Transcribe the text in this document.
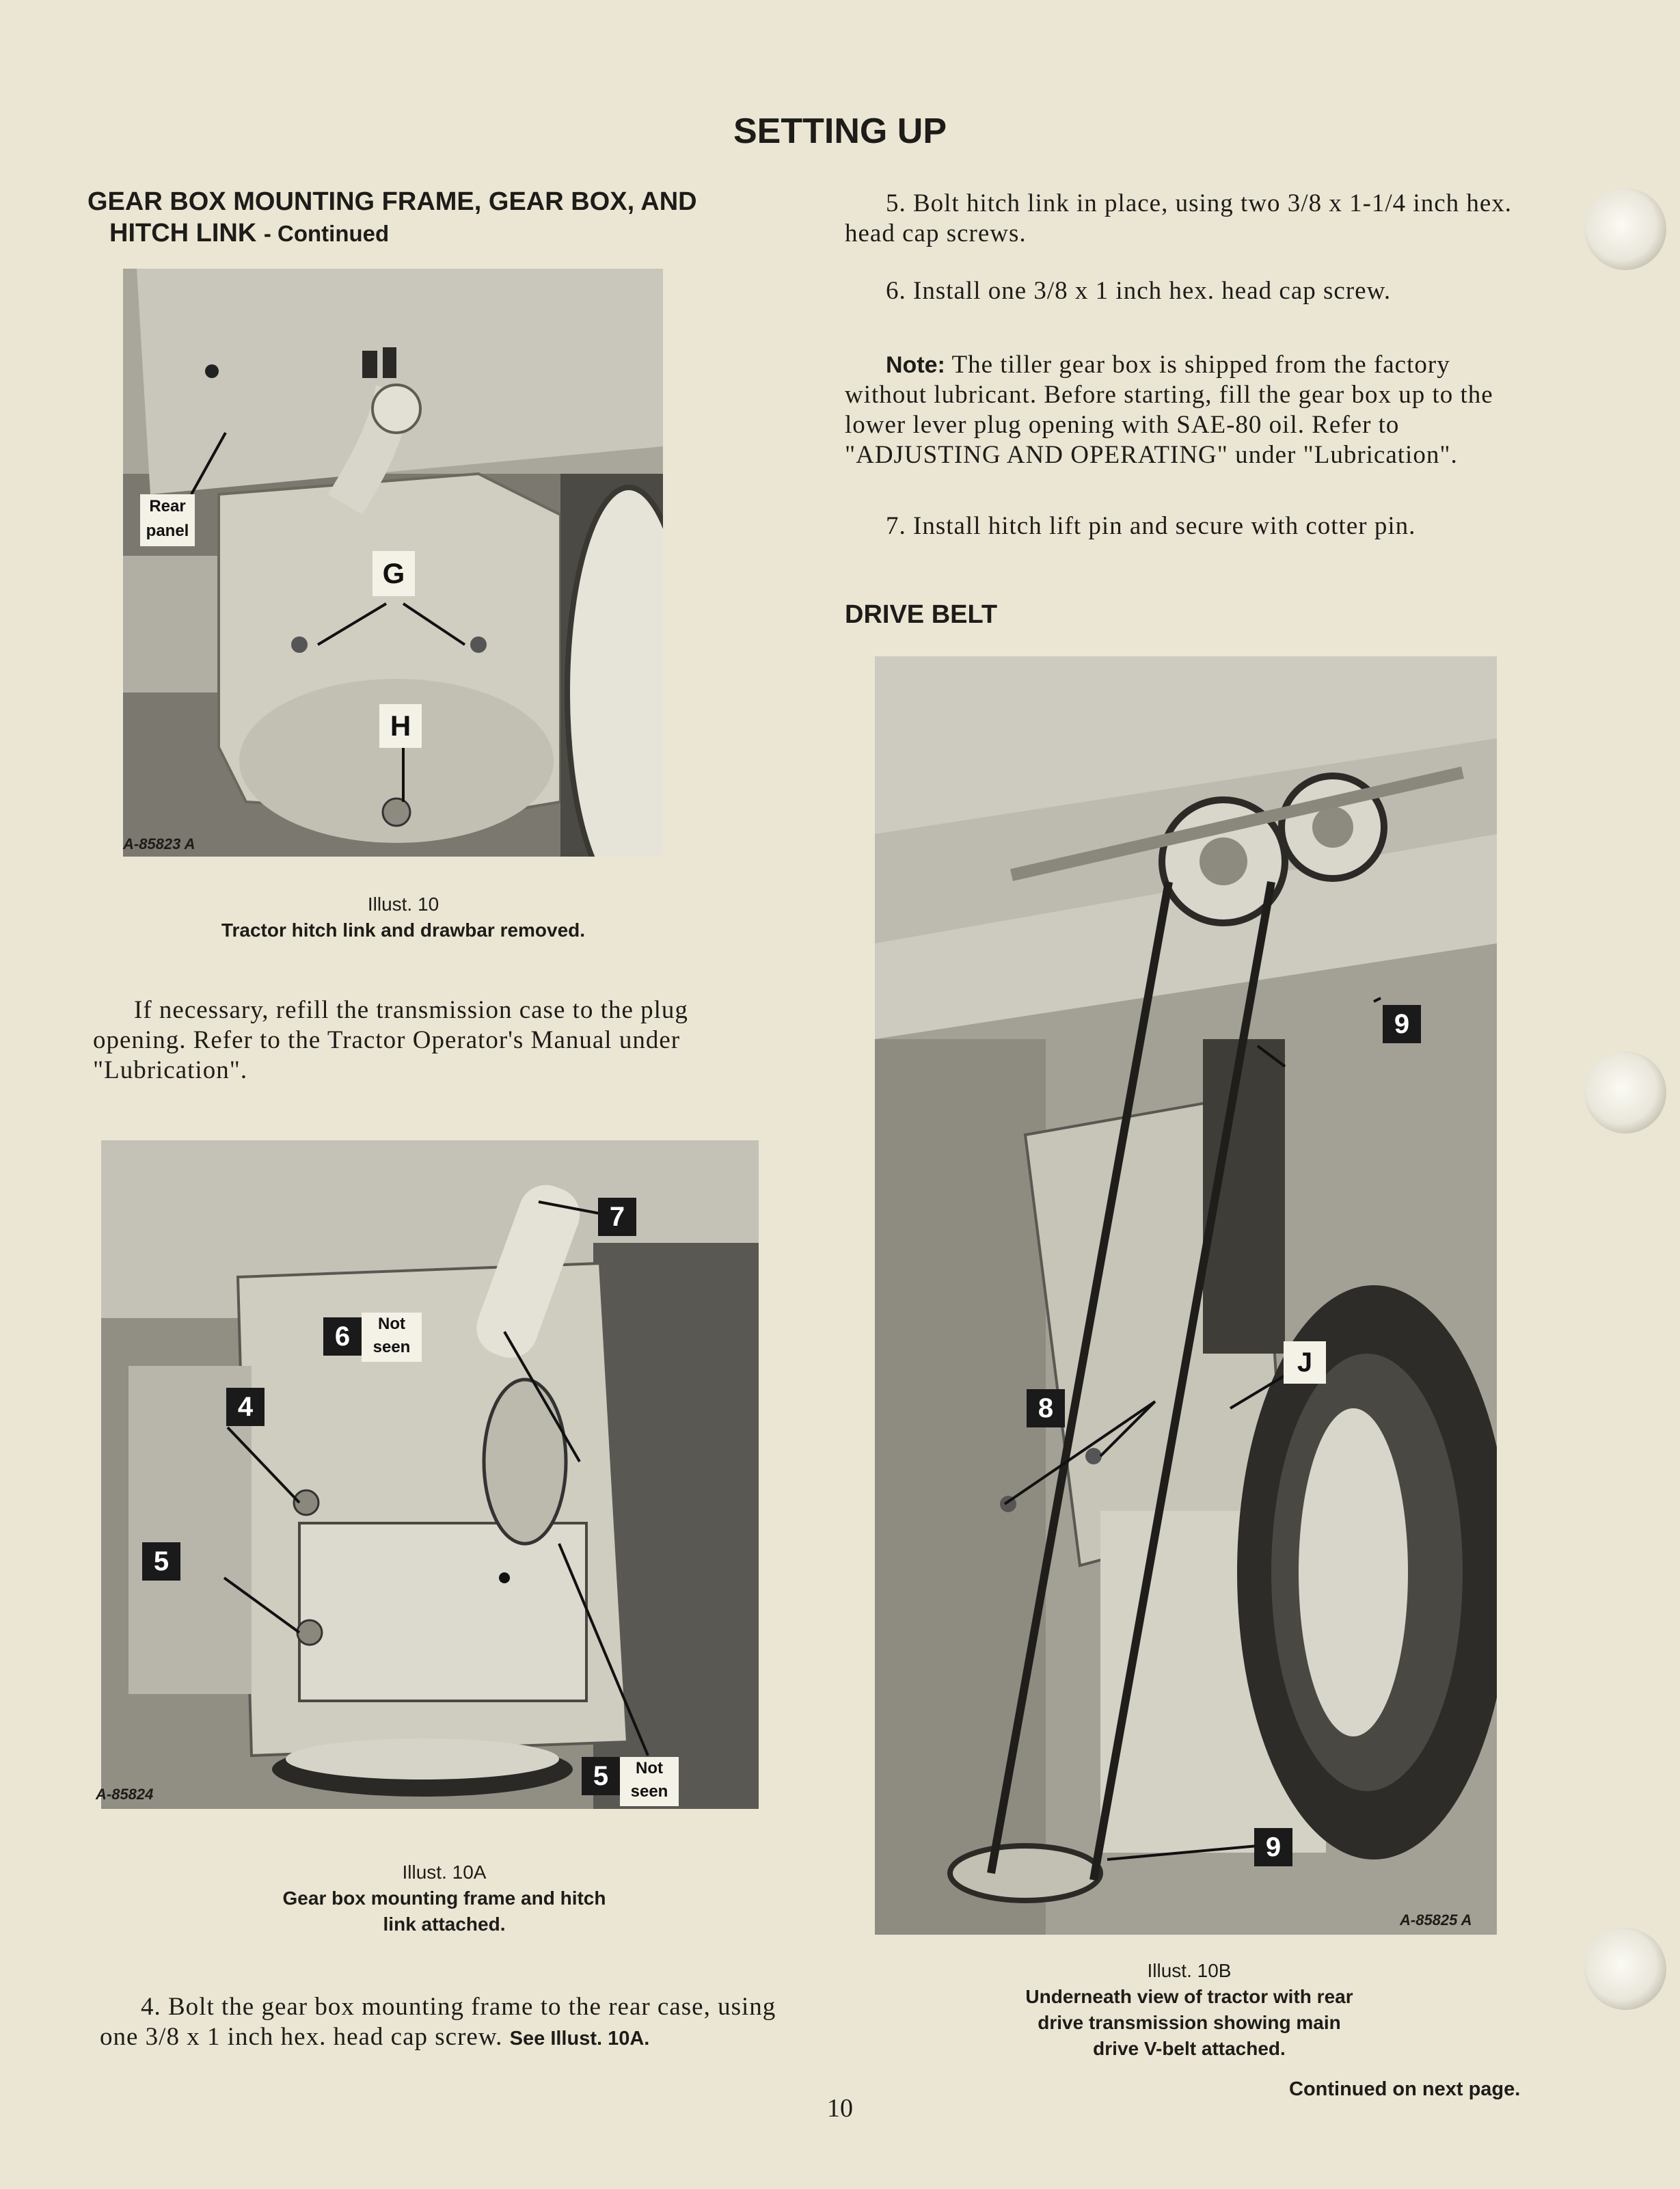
SETTING UP
GEAR BOX MOUNTING FRAME, GEAR BOX, AND
HITCH LINK - Continued
Rear
panel
G
H
A-85823 A
Illust. 10
Tractor hitch link and drawbar removed.
If necessary, refill the transmission case to the plug opening. Refer to the Tractor Operator's Manual under "Lubrication".
7
6	Not
seen
4
5
5	Not
seen
A-85824
Illust. 10A
Gear box mounting frame and hitch
link attached.
4. Bolt the gear box mounting frame to the rear case, using one 3/8 x 1 inch hex. head cap screw. See Illust. 10A.
5. Bolt hitch link in place, using two 3/8 x 1-1/4 inch hex. head cap screws.
6. Install one 3/8 x 1 inch hex. head cap screw.
Note: The tiller gear box is shipped from the factory without lubricant. Before starting, fill the gear box up to the lower lever plug opening with SAE-80 oil. Refer to "ADJUSTING AND OPERATING" under "Lubrication".
7. Install hitch lift pin and secure with cotter pin.
DRIVE BELT
9
8
J
9
A-85825 A
Illust. 10B
Underneath view of tractor with rear
drive transmission showing main
drive V-belt attached.
Continued on next page.
10
